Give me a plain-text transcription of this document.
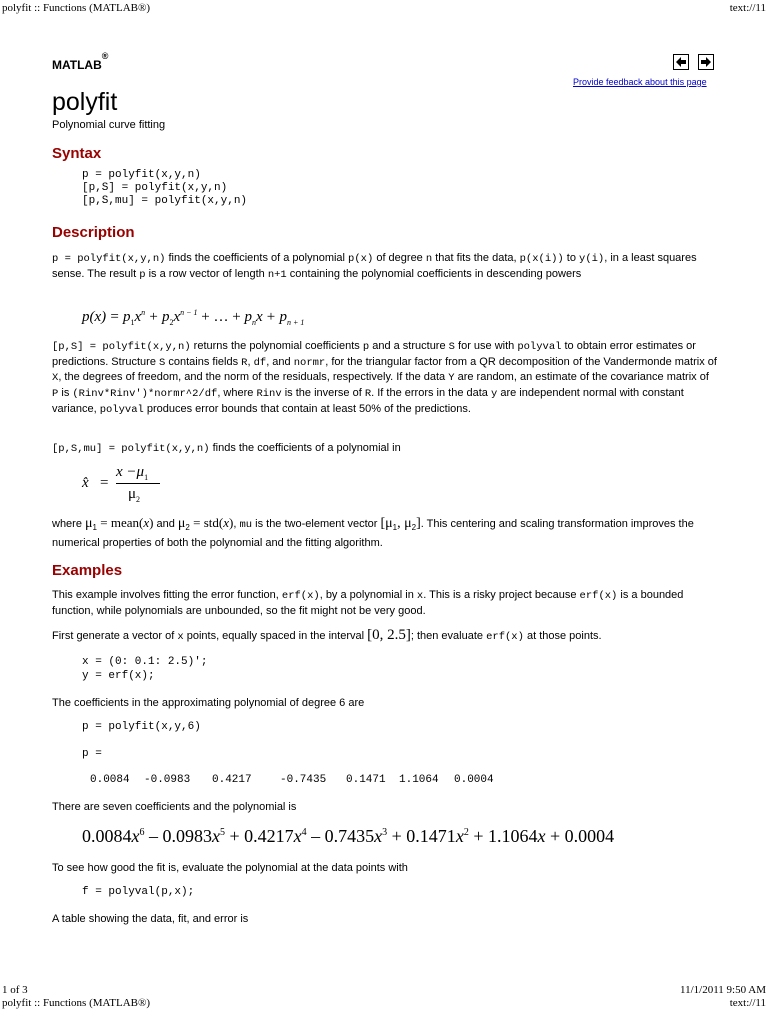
polyfit :: Functions (MATLAB®)	text://11
1 of 3	11/1/2011 9:50 AM
polyfit :: Functions (MATLAB®)	text://11
MATLAB®
Provide feedback about this page
polyfit
Polynomial curve fitting
Syntax
p = polyfit(x,y,n)
[p,S] = polyfit(x,y,n)
[p,S,mu] = polyfit(x,y,n)
Description
p = polyfit(x,y,n) finds the coefficients of a polynomial p(x) of degree n that fits the data, p(x(i)) to y(i), in a least squares sense. The result p is a row vector of length n+1 containing the polynomial coefficients in descending powers
$p(x) = p_1x^n + p_2x^{n - 1}$ + … + $p_nx + p_{n + 1}$
[p,S] = polyfit(x,y,n) returns the polynomial coefficients p and a structure S for use with polyval to obtain error estimates or predictions. Structure S contains fields R, df, and normr, for the triangular factor from a QR decomposition of the Vandermonde matrix of X, the degrees of freedom, and the norm of the residuals, respectively. If the data Y are random, an estimate of the covariance matrix of P is (Rinv*Rinv')*normr^2/df, where Rinv is the inverse of R. If the errors in the data y are independent normal with constant variance, polyval produces error bounds that contain at least 50% of the predictions.
[p,S,mu] = polyfit(x,y,n) finds the coefficients of a polynomial in
x̂ =
$x -\mu_1$
$\mu_2$
where $\mu_1$ = mean(x) and $\mu_2 = std(x)$, mu is the two-element vector [$\mu_1$, $\mu_2$]. This centering and scaling transformation improves the numerical properties of both the polynomial and the fitting algorithm.
Examples
This example involves fitting the error function, erf(x), by a polynomial in x. This is a risky project because erf(x) is a bounded function, while polynomials are unbounded, so the fit might not be very good.
First generate a vector of x points, equally spaced in the interval [0, 2.5]; then evaluate erf(x) at those points.
x = (0: 0.1: 2.5)';
y = erf(x);
The coefficients in the approximating polynomial of degree 6 are
p = polyfit(x,y,6)
p =
0.0084 -0.0983 0.4217	-0.7435 0.1471 1.1064 0.0004
There are seven coefficients and the polynomial is
$0.0084x^6 - 0.0983x^5 + 0.4217x^4 - 0.7435x^3 + 0.1471x^2 + 1.1064x + 0.0004$
To see how good the fit is, evaluate the polynomial at the data points with
f = polyval(p,x);
A table showing the data, fit, and error is
